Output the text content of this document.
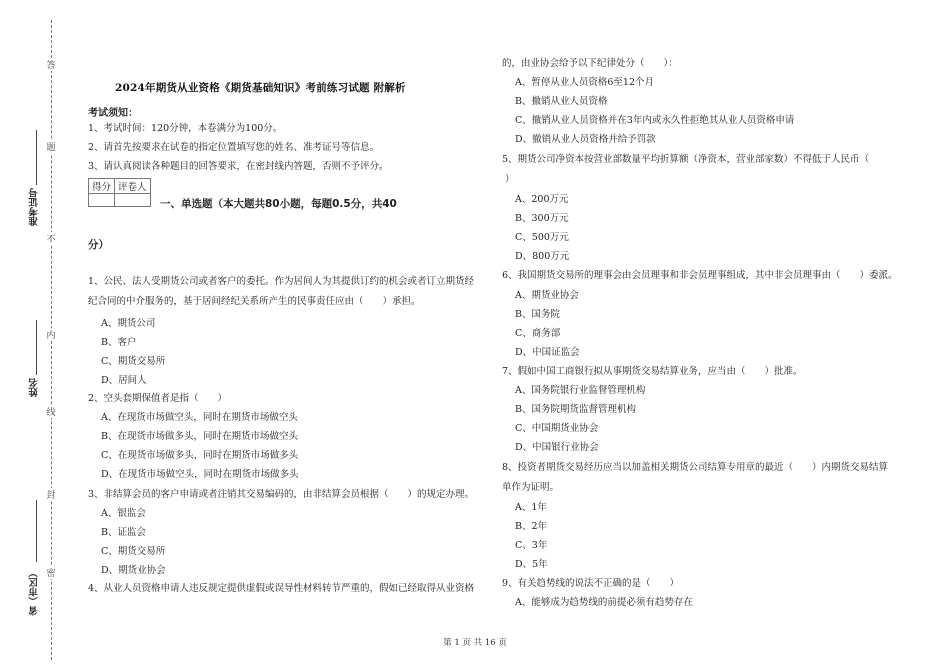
答
题
不
内
线
封
密
准考证号
姓名
省（市区）
2024年期货从业资格《期货基础知识》考前练习试题 附解析
考试须知：
1、考试时间：120分钟，本卷满分为100分。
2、请首先按要求在试卷的指定位置填写您的姓名、准考证号等信息。
3、请认真阅读各种题目的回答要求，在密封线内答题，否则不予评分。
得分	评卷人

一、单选题（本大题共80小题，每题0.5分，共40
分）
1、公民、法人受期货公司或者客户的委托。作为居间人为其提供订约的机会或者订立期货经
纪合同的中介服务的，基于居间经纪关系所产生的民事责任应由（　　）承担。
A、期货公司
B、客户
C、期货交易所
D、居间人
2、空头套期保值者是指（　　）
A、在现货市场做空头，同时在期货市场做空头
B、在现货市场做多头，同时在期货市场做空头
C、在现货市场做多头，同时在期货市场做多头
D、在现货市场做空头，同时在期货市场做多头
3、非结算会员的客户申请或者注销其交易编码的，由非结算会员根据（　　）的规定办理。
A、银监会
B、证监会
C、期货交易所
D、期货业协会
4、从业人员资格申请人违反规定提供虚假或误导性材料转节严重的，假如已经取得从业资格
的，由业协会给予以下纪律处分（　　）：
A、暂停从业人员资格6至12个月
B、撤销从业人员资格
C、撤销从业人员资格并在3年内或永久性拒绝其从业人员资格申请
D、撤销从业人员资格并给予罚款
5、期货公司净资本按营业部数量平均折算额（净资本，营业部家数）不得低于人民币（
）
A、200万元
B、300万元
C、500万元
D、800万元
6、我国期货交易所的理事会由会员理事和非会员理事组成，其中非会员理事由（　　）委派。
A、期货业协会
B、国务院
C、商务部
D、中国证监会
7、假如中国工商银行拟从事期货交易结算业务，应当由（　　）批准。
A、国务院银行业监督管理机构
B、国务院期货监督管理机构
C、中国期货业协会
D、中国银行业协会
8、投资者期货交易经历应当以加盖相关期货公司结算专用章的最近（　　）内期货交易结算
单作为证明。
A、1年
B、2年
C、3年
D、5年
9、有关趋势线的说法不正确的是（　　）
A、能够成为趋势线的前提必须有趋势存在
第 1 页 共 16 页
